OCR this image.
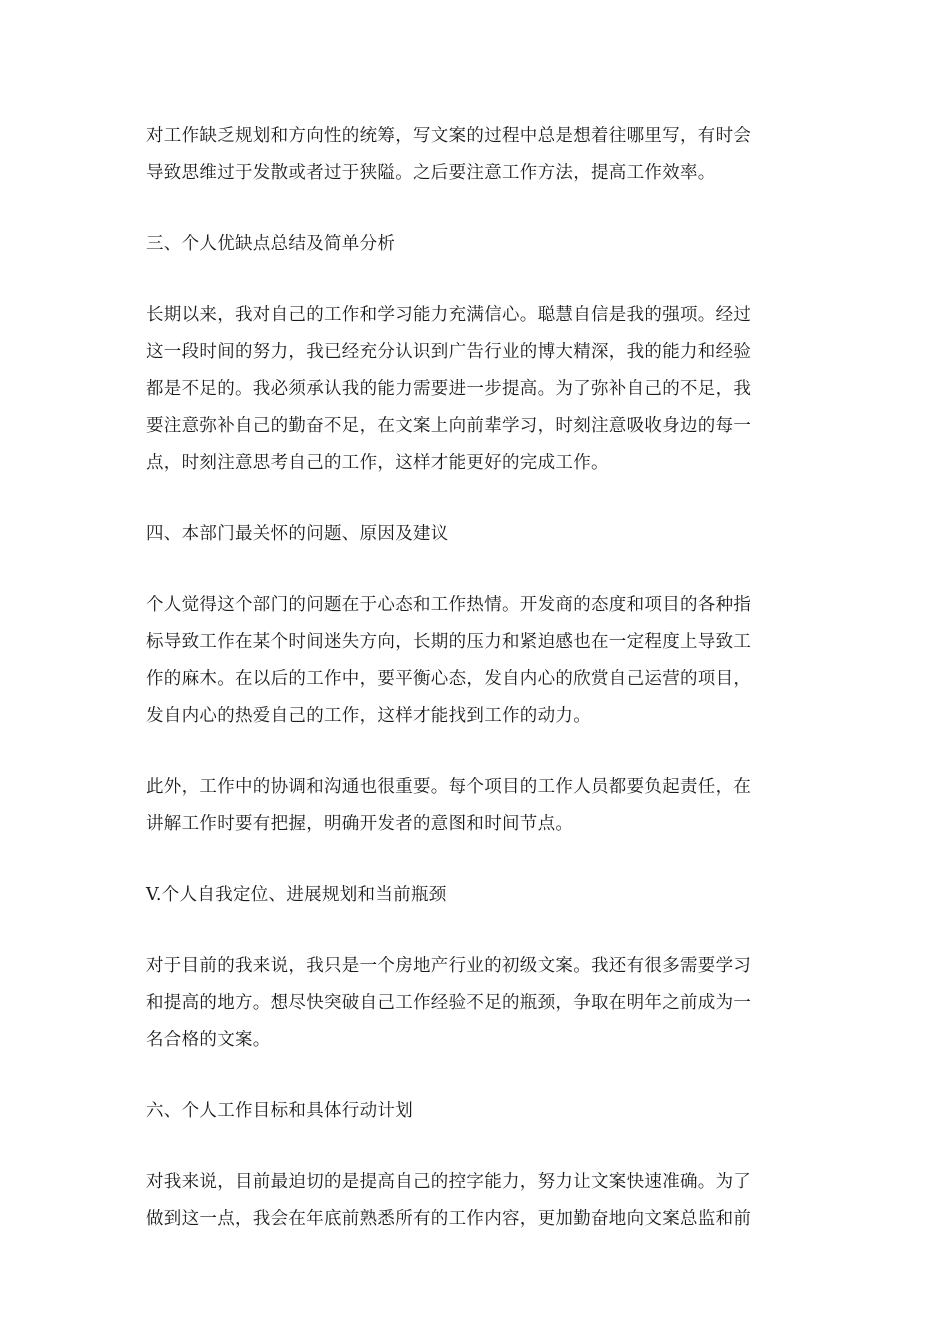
对工作缺乏规划和方向性的统筹，写文案的过程中总是想着往哪里写，有时会
导致思维过于发散或者过于狭隘。之后要注意工作方法，提高工作效率。

三、个人优缺点总结及简单分析

长期以来，我对自己的工作和学习能力充满信心。聪慧自信是我的强项。经过
这一段时间的努力，我已经充分认识到广告行业的博大精深，我的能力和经验
都是不足的。我必须承认我的能力需要进一步提高。为了弥补自己的不足，我
要注意弥补自己的勤奋不足，在文案上向前辈学习，时刻注意吸收身边的每一
点，时刻注意思考自己的工作，这样才能更好的完成工作。

四、本部门最关怀的问题、原因及建议

个人觉得这个部门的问题在于心态和工作热情。开发商的态度和项目的各种指
标导致工作在某个时间迷失方向，长期的压力和紧迫感也在一定程度上导致工
作的麻木。在以后的工作中，要平衡心态，发自内心的欣赏自己运营的项目，
发自内心的热爱自己的工作，这样才能找到工作的动力。

此外，工作中的协调和沟通也很重要。每个项目的工作人员都要负起责任，在
讲解工作时要有把握，明确开发者的意图和时间节点。

V.个人自我定位、进展规划和当前瓶颈

对于目前的我来说，我只是一个房地产行业的初级文案。我还有很多需要学习
和提高的地方。想尽快突破自己工作经验不足的瓶颈，争取在明年之前成为一
名合格的文案。

六、个人工作目标和具体行动计划

对我来说，目前最迫切的是提高自己的控字能力，努力让文案快速准确。为了
做到这一点，我会在年底前熟悉所有的工作内容，更加勤奋地向文案总监和前
